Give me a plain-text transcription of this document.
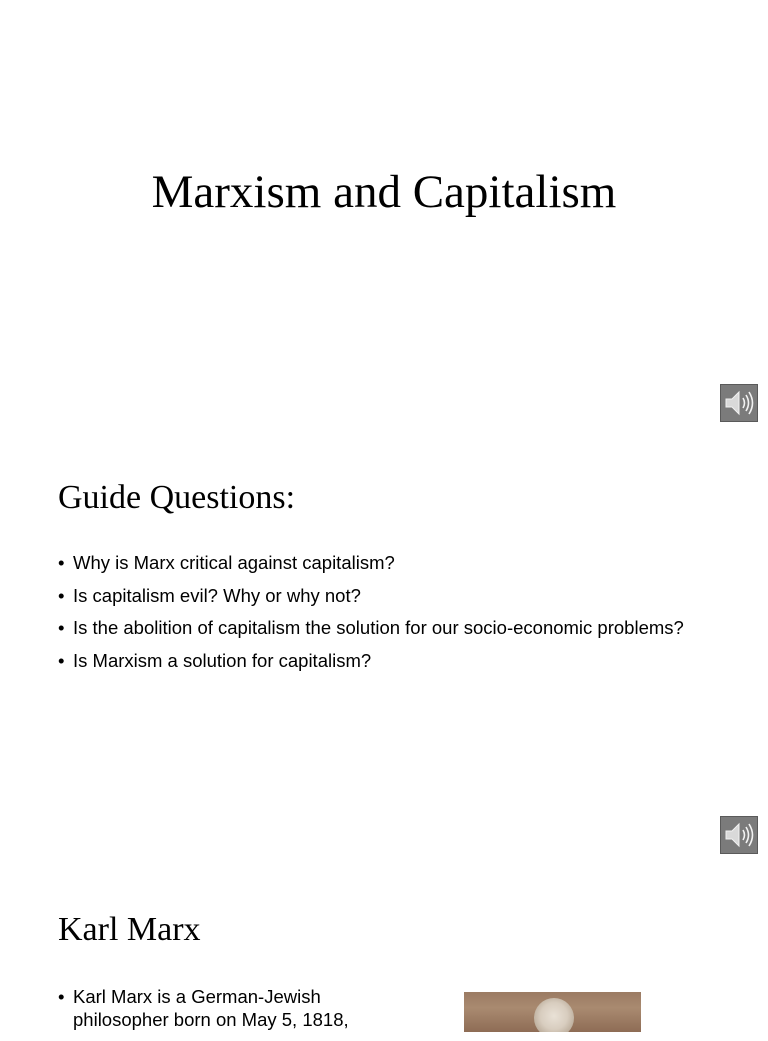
Marxism and Capitalism
Guide Questions:
• Why is Marx critical against capitalism?
• Is capitalism evil? Why or why not?
• Is the abolition of capitalism the solution for our socio-economic problems?
• Is Marxism a solution for capitalism?
Karl Marx
• Karl Marx is a German-Jewish philosopher born on May 5, 1818,
